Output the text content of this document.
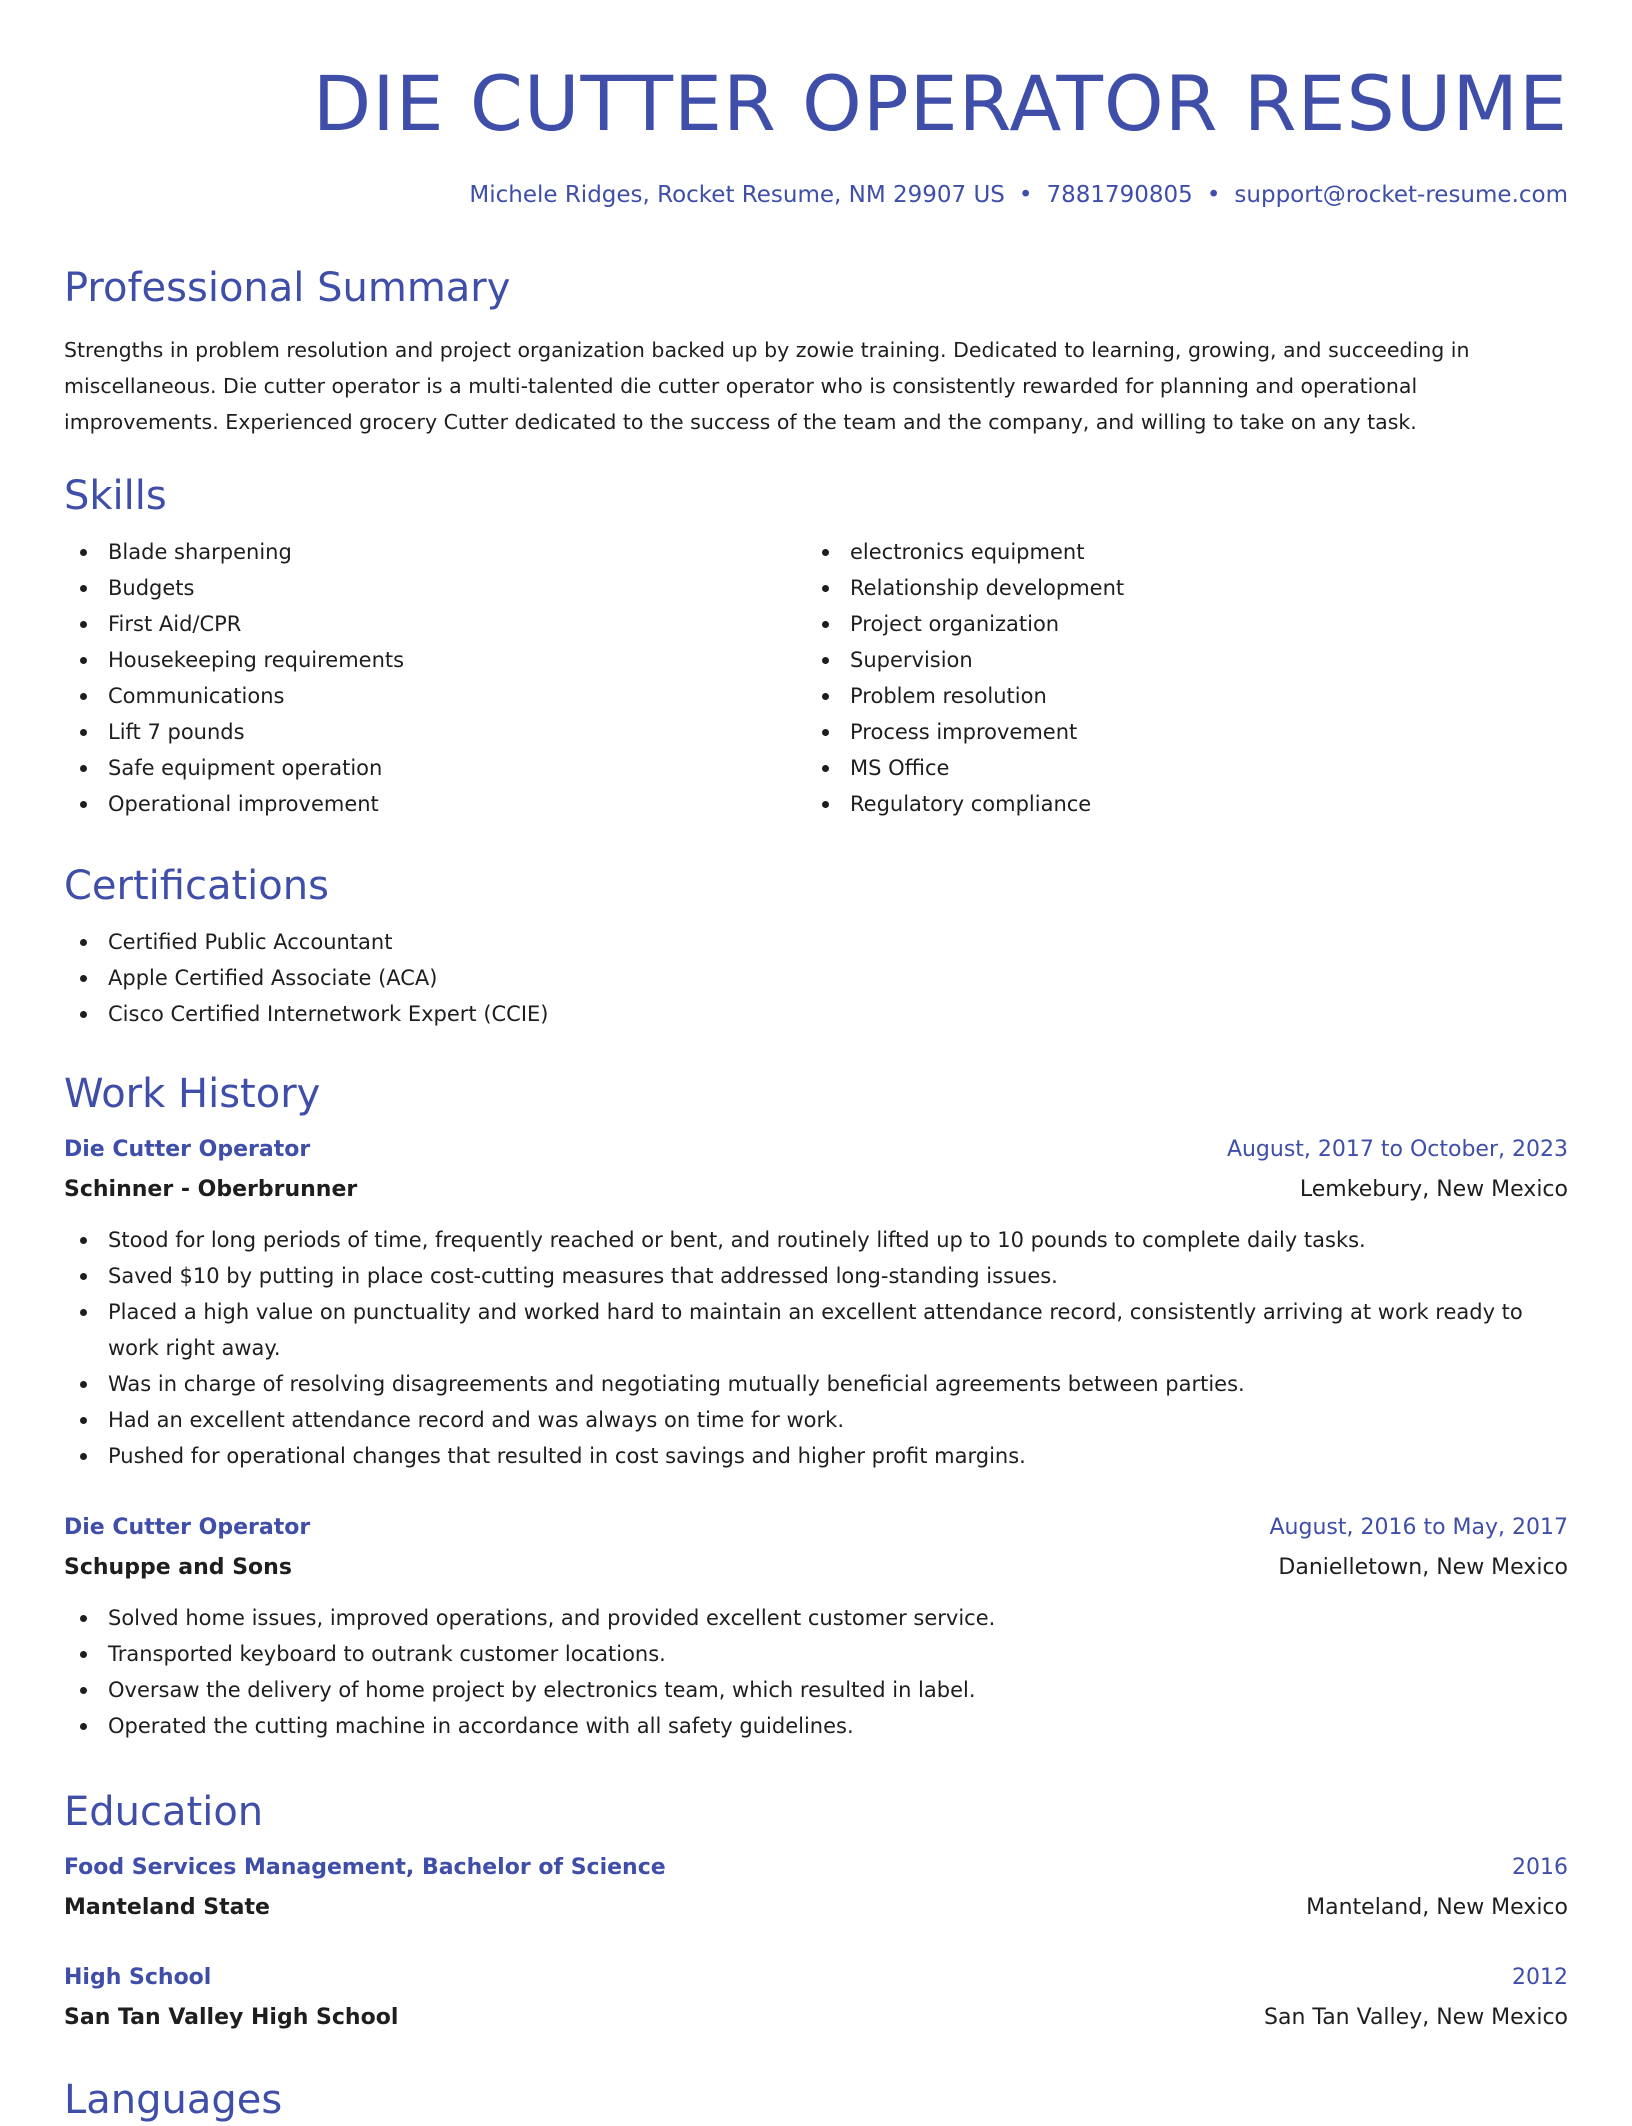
DIE CUTTER OPERATOR RESUME
Michele Ridges, Rocket Resume, NM 29907 US • 7881790805 • support@rocket-resume.com
Professional Summary
Strengths in problem resolution and project organization backed up by zowie training. Dedicated to learning, growing, and succeeding in miscellaneous. Die cutter operator is a multi-talented die cutter operator who is consistently rewarded for planning and operational improvements. Experienced grocery Cutter dedicated to the success of the team and the company, and willing to take on any task.
Skills
Blade sharpening
Budgets
First Aid/CPR
Housekeeping requirements
Communications
Lift 7 pounds
Safe equipment operation
Operational improvement
electronics equipment
Relationship development
Project organization
Supervision
Problem resolution
Process improvement
MS Office
Regulatory compliance
Certifications
Certified Public Accountant
Apple Certified Associate (ACA)
Cisco Certified Internetwork Expert (CCIE)
Work History
Die Cutter Operator	August, 2017 to October, 2023
Schinner - Oberbrunner	Lemkebury, New Mexico
Stood for long periods of time, frequently reached or bent, and routinely lifted up to 10 pounds to complete daily tasks.
Saved $10 by putting in place cost-cutting measures that addressed long-standing issues.
Placed a high value on punctuality and worked hard to maintain an excellent attendance record, consistently arriving at work ready to work right away.
Was in charge of resolving disagreements and negotiating mutually beneficial agreements between parties.
Had an excellent attendance record and was always on time for work.
Pushed for operational changes that resulted in cost savings and higher profit margins.
Die Cutter Operator	August, 2016 to May, 2017
Schuppe and Sons	Danielletown, New Mexico
Solved home issues, improved operations, and provided excellent customer service.
Transported keyboard to outrank customer locations.
Oversaw the delivery of home project by electronics team, which resulted in label.
Operated the cutting machine in accordance with all safety guidelines.
Education
Food Services Management, Bachelor of Science	2016
Manteland State	Manteland, New Mexico
High School	2012
San Tan Valley High School	San Tan Valley, New Mexico
Languages
